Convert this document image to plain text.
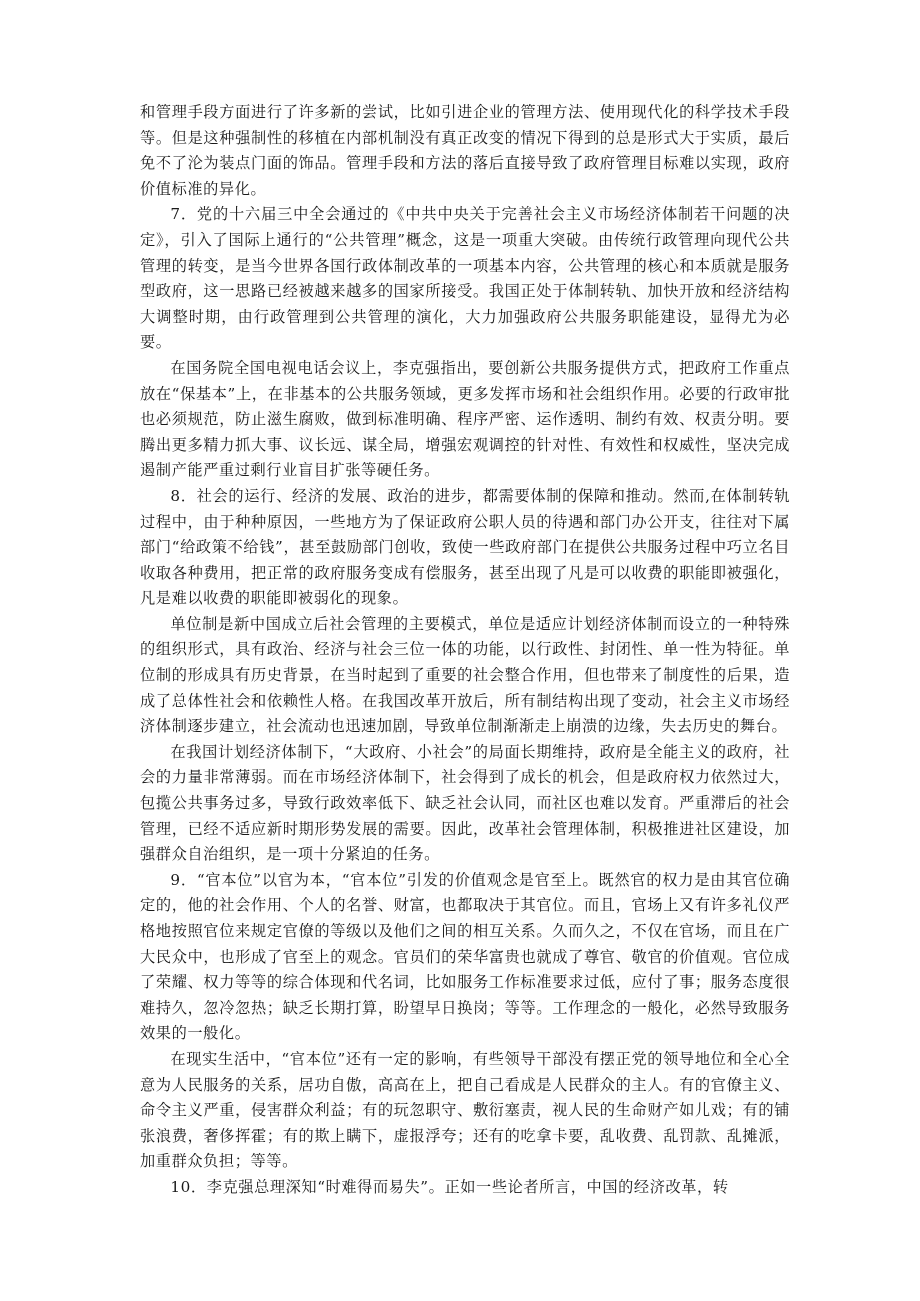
和管理手段方面进行了许多新的尝试，比如引进企业的管理方法、使用现代化的科学技术手段等。但是这种强制性的移植在内部机制没有真正改变的情况下得到的总是形式大于实质，最后免不了沦为装点门面的饰品。管理手段和方法的落后直接导致了政府管理目标难以实现，政府价值标准的异化。

7．党的十六届三中全会通过的《中共中央关于完善社会主义市场经济体制若干问题的决定》，引入了国际上通行的“公共管理”概念，这是一项重大突破。由传统行政管理向现代公共管理的转变，是当今世界各国行政体制改革的一项基本内容，公共管理的核心和本质就是服务型政府，这一思路已经被越来越多的国家所接受。我国正处于体制转轨、加快开放和经济结构大调整时期，由行政管理到公共管理的演化，大力加强政府公共服务职能建设，显得尤为必要。

在国务院全国电视电话会议上，李克强指出，要创新公共服务提供方式，把政府工作重点放在“保基本”上，在非基本的公共服务领域，更多发挥市场和社会组织作用。必要的行政审批也必须规范，防止滋生腐败，做到标准明确、程序严密、运作透明、制约有效、权责分明。要腾出更多精力抓大事、议长远、谋全局，增强宏观调控的针对性、有效性和权威性，坚决完成遏制产能严重过剩行业盲目扩张等硬任务。

8．社会的运行、经济的发展、政治的进步，都需要体制的保障和推动。然而,在体制转轨过程中，由于种种原因，一些地方为了保证政府公职人员的待遇和部门办公开支，往往对下属部门“给政策不给钱”，甚至鼓励部门创收，致使一些政府部门在提供公共服务过程中巧立名目收取各种费用，把正常的政府服务变成有偿服务，甚至出现了凡是可以收费的职能即被强化，凡是难以收费的职能即被弱化的现象。

单位制是新中国成立后社会管理的主要模式，单位是适应计划经济体制而设立的一种特殊的组织形式，具有政治、经济与社会三位一体的功能，以行政性、封闭性、单一性为特征。单位制的形成具有历史背景，在当时起到了重要的社会整合作用，但也带来了制度性的后果，造成了总体性社会和依赖性人格。在我国改革开放后，所有制结构出现了变动，社会主义市场经济体制逐步建立，社会流动也迅速加剧，导致单位制渐渐走上崩溃的边缘，失去历史的舞台。

在我国计划经济体制下，“大政府、小社会”的局面长期维持，政府是全能主义的政府，社会的力量非常薄弱。而在市场经济体制下，社会得到了成长的机会，但是政府权力依然过大，包揽公共事务过多，导致行政效率低下、缺乏社会认同，而社区也难以发育。严重滞后的社会管理，已经不适应新时期形势发展的需要。因此，改革社会管理体制，积极推进社区建设，加强群众自治组织，是一项十分紧迫的任务。

9．“官本位”以官为本，“官本位”引发的价值观念是官至上。既然官的权力是由其官位确定的，他的社会作用、个人的名誉、财富，也都取决于其官位。而且，官场上又有许多礼仪严格地按照官位来规定官僚的等级以及他们之间的相互关系。久而久之，不仅在官场，而且在广大民众中，也形成了官至上的观念。官员们的荣华富贵也就成了尊官、敬官的价值观。官位成了荣耀、权力等等的综合体现和代名词，比如服务工作标准要求过低，应付了事；服务态度很难持久，忽冷忽热；缺乏长期打算，盼望早日换岗；等等。工作理念的一般化，必然导致服务效果的一般化。

在现实生活中，“官本位”还有一定的影响，有些领导干部没有摆正党的领导地位和全心全意为人民服务的关系，居功自傲，高高在上，把自己看成是人民群众的主人。有的官僚主义、命令主义严重，侵害群众利益；有的玩忽职守、敷衍塞责，视人民的生命财产如儿戏；有的铺张浪费，奢侈挥霍；有的欺上瞒下，虚报浮夸；还有的吃拿卡要，乱收费、乱罚款、乱摊派，加重群众负担；等等。

10．李克强总理深知“时难得而易失”。正如一些论者所言，中国的经济改革，转
